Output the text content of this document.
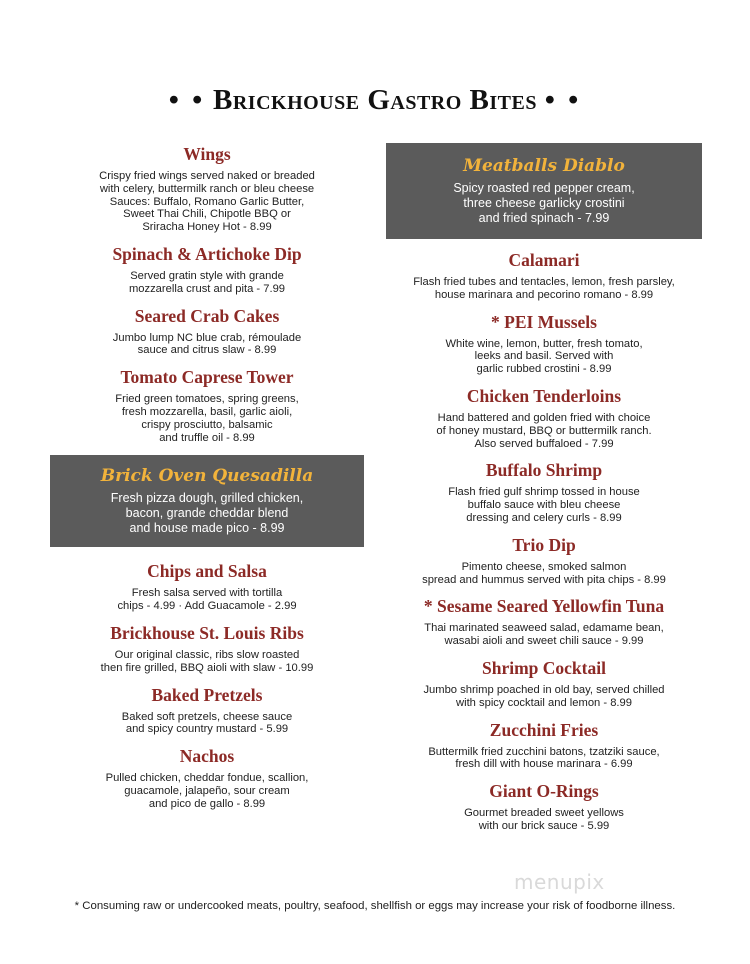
• • Brickhouse Gastro Bites • •
Wings
Crispy fried wings served naked or breaded
with celery, buttermilk ranch or bleu cheese
Sauces: Buffalo, Romano Garlic Butter,
Sweet Thai Chili, Chipotle BBQ or
Sriracha Honey Hot - 8.99
Spinach & Artichoke Dip
Served gratin style with grande
mozzarella crust and pita - 7.99
Seared Crab Cakes
Jumbo lump NC blue crab, rémoulade
sauce and citrus slaw - 8.99
Tomato Caprese Tower
Fried green tomatoes, spring greens,
fresh mozzarella, basil, garlic aioli,
crispy prosciutto, balsamic
and truffle oil - 8.99
Brick Oven Quesadilla
Fresh pizza dough, grilled chicken,
bacon, grande cheddar blend
and house made pico - 8.99
Chips and Salsa
Fresh salsa served with tortilla
chips - 4.99 · Add Guacamole - 2.99
Brickhouse St. Louis Ribs
Our original classic, ribs slow roasted
then fire grilled, BBQ aioli with slaw - 10.99
Baked Pretzels
Baked soft pretzels, cheese sauce
and spicy country mustard - 5.99
Nachos
Pulled chicken, cheddar fondue, scallion,
guacamole, jalapeño, sour cream
and pico de gallo - 8.99
Meatballs Diablo
Spicy roasted red pepper cream,
three cheese garlicky crostini
and fried spinach - 7.99
Calamari
Flash fried tubes and tentacles, lemon, fresh parsley,
house marinara and pecorino romano - 8.99
* PEI Mussels
White wine, lemon, butter, fresh tomato,
leeks and basil. Served with
garlic rubbed crostini - 8.99
Chicken Tenderloins
Hand battered and golden fried with choice
of honey mustard, BBQ or buttermilk ranch.
Also served buffaloed - 7.99
Buffalo Shrimp
Flash fried gulf shrimp tossed in house
buffalo sauce with bleu cheese
dressing and celery curls - 8.99
Trio Dip
Pimento cheese, smoked salmon
spread and hummus served with pita chips - 8.99
* Sesame Seared Yellowfin Tuna
Thai marinated seaweed salad, edamame bean,
wasabi aioli and sweet chili sauce - 9.99
Shrimp Cocktail
Jumbo shrimp poached in old bay, served chilled
with spicy cocktail and lemon - 8.99
Zucchini Fries
Buttermilk fried zucchini batons, tzatziki sauce,
fresh dill with house marinara - 6.99
Giant O-Rings
Gourmet breaded sweet yellows
with our brick sauce - 5.99
menupix
* Consuming raw or undercooked meats, poultry, seafood, shellfish or eggs may increase your risk of foodborne illness.
